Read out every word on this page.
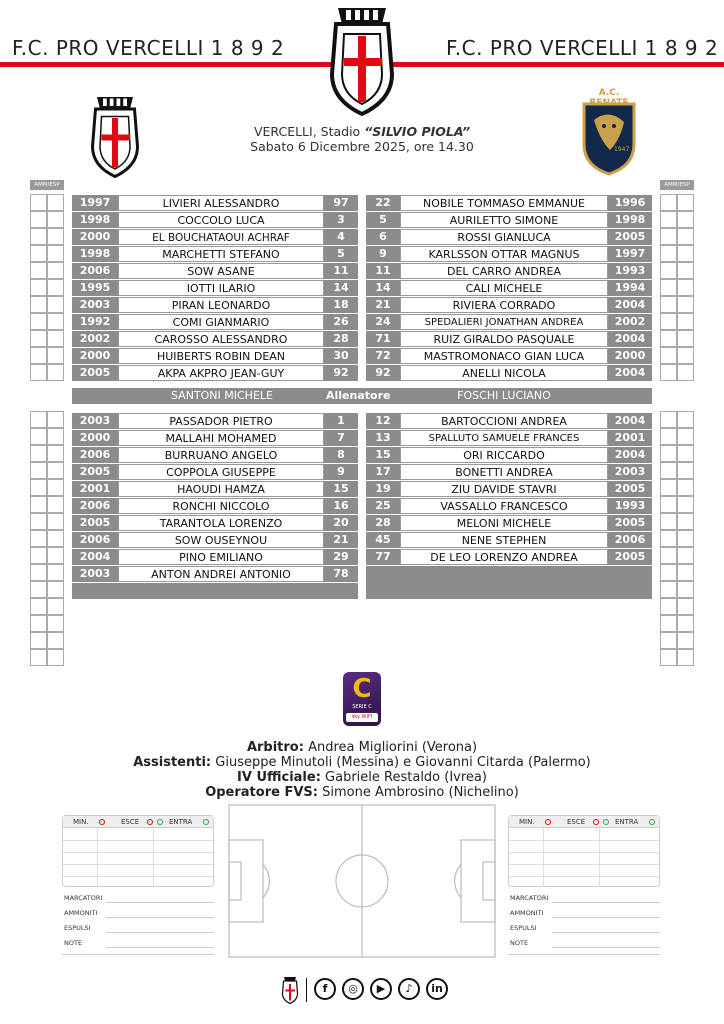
F.C. PRO VERCELLI 1 8 9 2	F.C. PRO VERCELLI 1 8 9 2
A.C.
1947
VERCELLI, Stadio “SILVIO PIOLA”
Sabato 6 Dicembre 2025, ore 14.30
AMM/ESP	AMM/ESP
1997	LIVIERI ALESSANDRO	97
1998	COCCOLO LUCA	3
2000	EL BOUCHATAOUI ACHRAF	4
1998	MARCHETTI STEFANO	5
2006	SOW ASANE	11
1995	IOTTI ILARIO	14
2003	PIRAN LEONARDO	18
1992	COMI GIANMARIO	26
2002	CAROSSO ALESSANDRO	28
2000	HUIBERTS ROBIN DEAN	30
2005	AKPA AKPRO JEAN-GUY	92
22	NOBILE TOMMASO EMMANUE	1996
5	AURILETTO SIMONE	1998
6	ROSSI GIANLUCA	2005
9	KARLSSON OTTAR MAGNUS	1997
11	DEL CARRO ANDREA	1993
14	CALI MICHELE	1994
21	RIVIERA CORRADO	2004
24	SPEDALIERI JONATHAN ANDREA	2002
71	RUIZ GIRALDO PASQUALE	2004
72	MASTROMONACO GIAN LUCA	2000
92	ANELLI NICOLA	2004
SANTONI MICHELE	Allenatore	FOSCHI LUCIANO
2003	PASSADOR PIETRO	1
2000	MALLAHI MOHAMED	7
2006	BURRUANO ANGELO	8
2005	COPPOLA GIUSEPPE	9
2001	HAOUDI HAMZA	15
2006	RONCHI NICCOLO	16
2005	TARANTOLA LORENZO	20
2006	SOW OUSEYNOU	21
2004	PINO EMILIANO	29
2003	ANTON ANDREI ANTONIO	78
12	BARTOCCIONI ANDREA	2004
13	SPALLUTO SAMUELE FRANCES	2001
15	ORI RICCARDO	2004
17	BONETTI ANDREA	2003
19	ZIU DAVIDE STAVRI	2005
25	VASSALLO FRANCESCO	1993
28	MELONI MICHELE	2005
45	NENE STEPHEN	2006
77	DE LEO LORENZO ANDREA	2005
C
SERIE C
sky WIFI
Arbitro: Andrea Migliorini (Verona)
Assistenti: Giuseppe Minutoli (Messina) e Giovanni Citarda (Palermo)
IV Ufficiale: Gabriele Restaldo (Ivrea)
Operatore FVS: Simone Ambrosino (Nichelino)
MIN.	ESCE	ENTRA
MARCATORI
AMMONITI
ESPULSI
NOTE
MIN.	ESCE	ENTRA
MARCATORI
AMMONITI
ESPULSI
NOTE
f	◎	▶	♪	in
